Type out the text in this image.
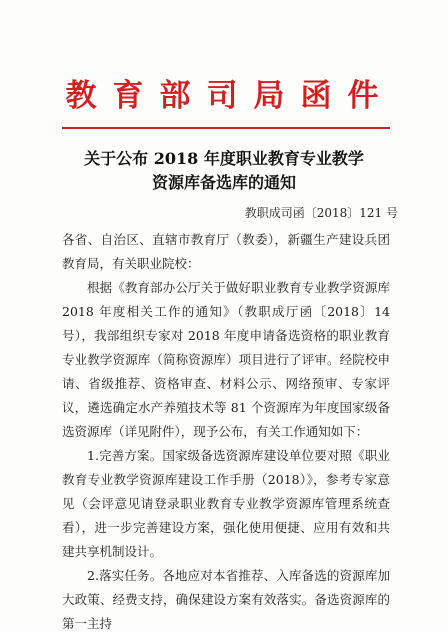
教育部司局函件
关于公布 2018 年度职业教育专业教学
资源库备选库的通知
教职成司函〔2018〕121 号

各省、自治区、直辖市教育厅（教委），新疆生产建设兵团教育局，有关职业院校：

根据《教育部办公厅关于做好职业教育专业教学资源库 2018 年度相关工作的通知》（教职成厅函〔2018〕14 号），我部组织专家对 2018 年度申请备选资格的职业教育专业教学资源库（简称资源库）项目进行了评审。经院校申请、省级推荐、资格审查、材料公示、网络预审、专家评议，遴选确定水产养殖技术等 81 个资源库为年度国家级备选资源库（详见附件），现予公布，有关工作通知如下：

1.完善方案。国家级备选资源库建设单位要对照《职业教育专业教学资源库建设工作手册（2018）》，参考专家意见（会评意见请登录职业教育专业教学资源库管理系统查看），进一步完善建设方案，强化使用便捷、应用有效和共建共享机制设计。

2.落实任务。各地应对本省推荐、入库备选的资源库加大政策、经费支持，确保建设方案有效落实。备选资源库的第一主持
